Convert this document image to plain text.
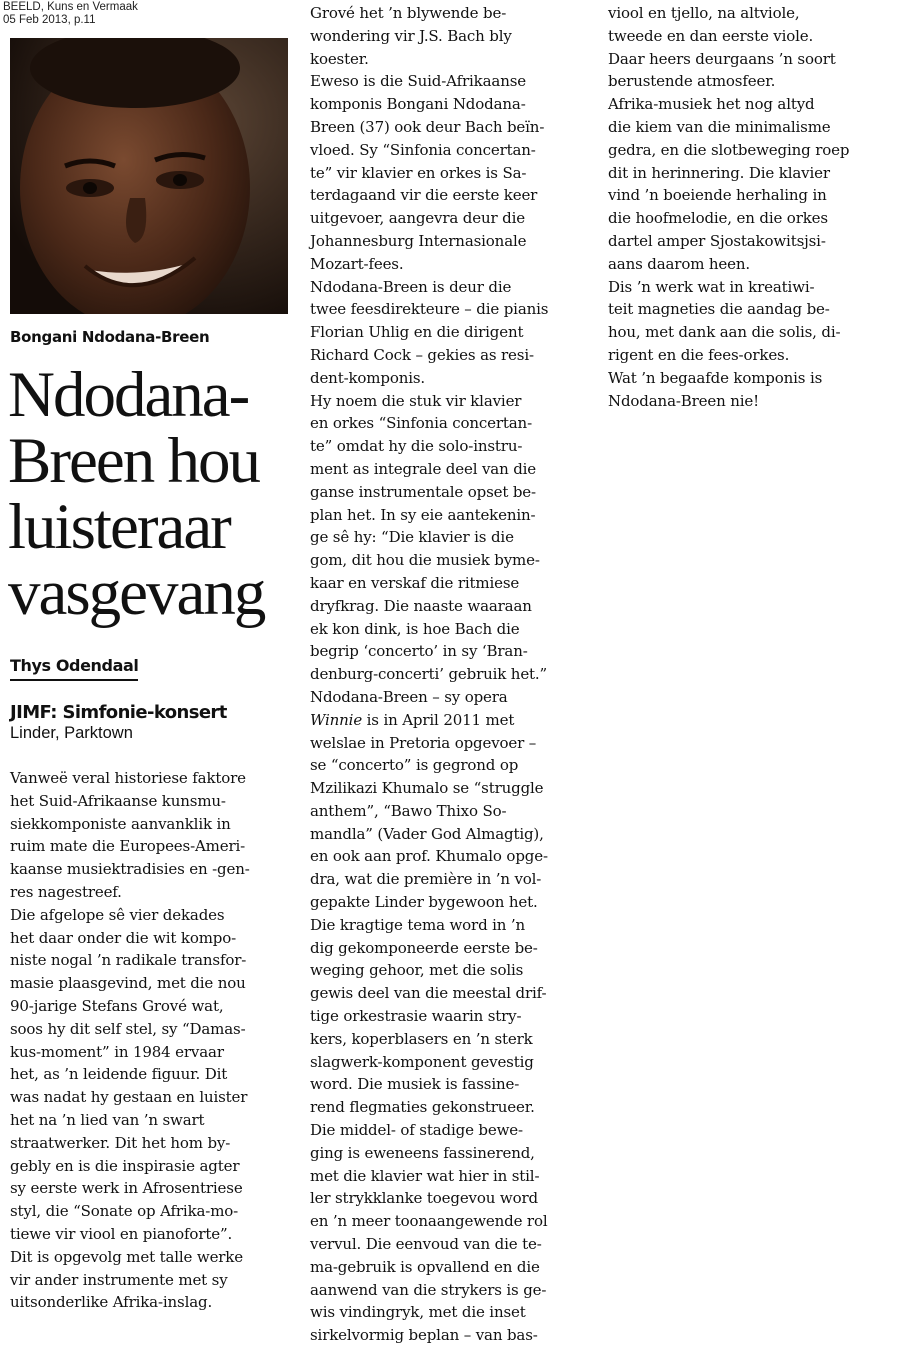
BEELD, Kuns en Vermaak
05 Feb 2013, p.11
Bongani Ndodana-Breen
Ndodana-
Breen hou
luisteraar
vasgevang
Thys Odendaal
JIMF: Simfonie-konsert
Linder, Parktown

Vanweë veral historiese faktore
het Suid-Afrikaanse kunsmu-
siekkomponiste aanvanklik in
ruim mate die Europees-Ameri-
kaanse musiektradisies en -gen-
res nagestreef.

Die afgelope sê vier dekades
het daar onder die wit kompo-
niste nogal ’n radikale transfor-
masie plaasgevind, met die nou
90-jarige Stefans Grové wat,
soos hy dit self stel, sy “Damas-
kus-moment” in 1984 ervaar
het, as ’n leidende figuur. Dit
was nadat hy gestaan en luister
het na ’n lied van ’n swart
straatwerker. Dit het hom by-
gebly en is die inspirasie agter
sy eerste werk in Afrosentriese
styl, die “Sonate op Afrika-mo-
tiewe vir viool en pianoforte”.
Dit is opgevolg met talle werke
vir ander instrumente met sy
uitsonderlike Afrika-inslag.

Grové het ’n blywende be-
wondering vir J.S. Bach bly
koester.

Eweso is die Suid-Afrikaanse
komponis Bongani Ndodana-
Breen (37) ook deur Bach beïn-
vloed. Sy “Sinfonia concertan-
te” vir klavier en orkes is Sa-
terdagaand vir die eerste keer
uitgevoer, aangevra deur die
Johannesburg Internasionale
Mozart-fees.

Ndodana-Breen is deur die
twee feesdirekteure – die pianis
Florian Uhlig en die dirigent
Richard Cock – gekies as resi-
dent-komponis.

Hy noem die stuk vir klavier
en orkes “Sinfonia concertan-
te” omdat hy die solo-instru-
ment as integrale deel van die
ganse instrumentale opset be-
plan het. In sy eie aantekenin-
ge sê hy: “Die klavier is die
gom, dit hou die musiek byme-
kaar en verskaf die ritmiese
dryfkrag. Die naaste waaraan
ek kon dink, is hoe Bach die
begrip ‘concerto’ in sy ‘Bran-
denburg-concerti’ gebruik het.”

Ndodana-Breen – sy opera
Winnie is in April 2011 met
welslae in Pretoria opgevoer –
se “concerto” is gegrond op
Mzilikazi Khumalo se “struggle
anthem”, “Bawo Thixo So-
mandla” (Vader God Almagtig),
en ook aan prof. Khumalo opge-
dra, wat die première in ’n vol-
gepakte Linder bygewoon het.

Die kragtige tema word in ’n
dig gekomponeerde eerste be-
weging gehoor, met die solis
gewis deel van die meestal drif-
tige orkestrasie waarin stry-
kers, koperblasers en ’n sterk
slagwerk-komponent gevestig
word. Die musiek is fassine-
rend flegmaties gekonstrueer.

Die middel- of stadige bewe-
ging is eweneens fassinerend,
met die klavier wat hier in stil-
ler strykklanke toegevou word
en ’n meer toonaangewende rol
vervul. Die eenvoud van die te-
ma-gebruik is opvallend en die
aanwend van die strykers is ge-
wis vindingryk, met die inset
sirkelvormig beplan – van bas-

viool en tjello, na altviole,
tweede en dan eerste viole.
Daar heers deurgaans ’n soort
berustende atmosfeer.

Afrika-musiek het nog altyd
die kiem van die minimalisme
gedra, en die slotbeweging roep
dit in herinnering. Die klavier
vind ’n boeiende herhaling in
die hoofmelodie, en die orkes
dartel amper Sjostakowitsjsi-
aans daarom heen.

Dis ’n werk wat in kreatiwi-
teit magneties die aandag be-
hou, met dank aan die solis, di-
rigent en die fees-orkes.

Wat ’n begaafde komponis is
Ndodana-Breen nie!
